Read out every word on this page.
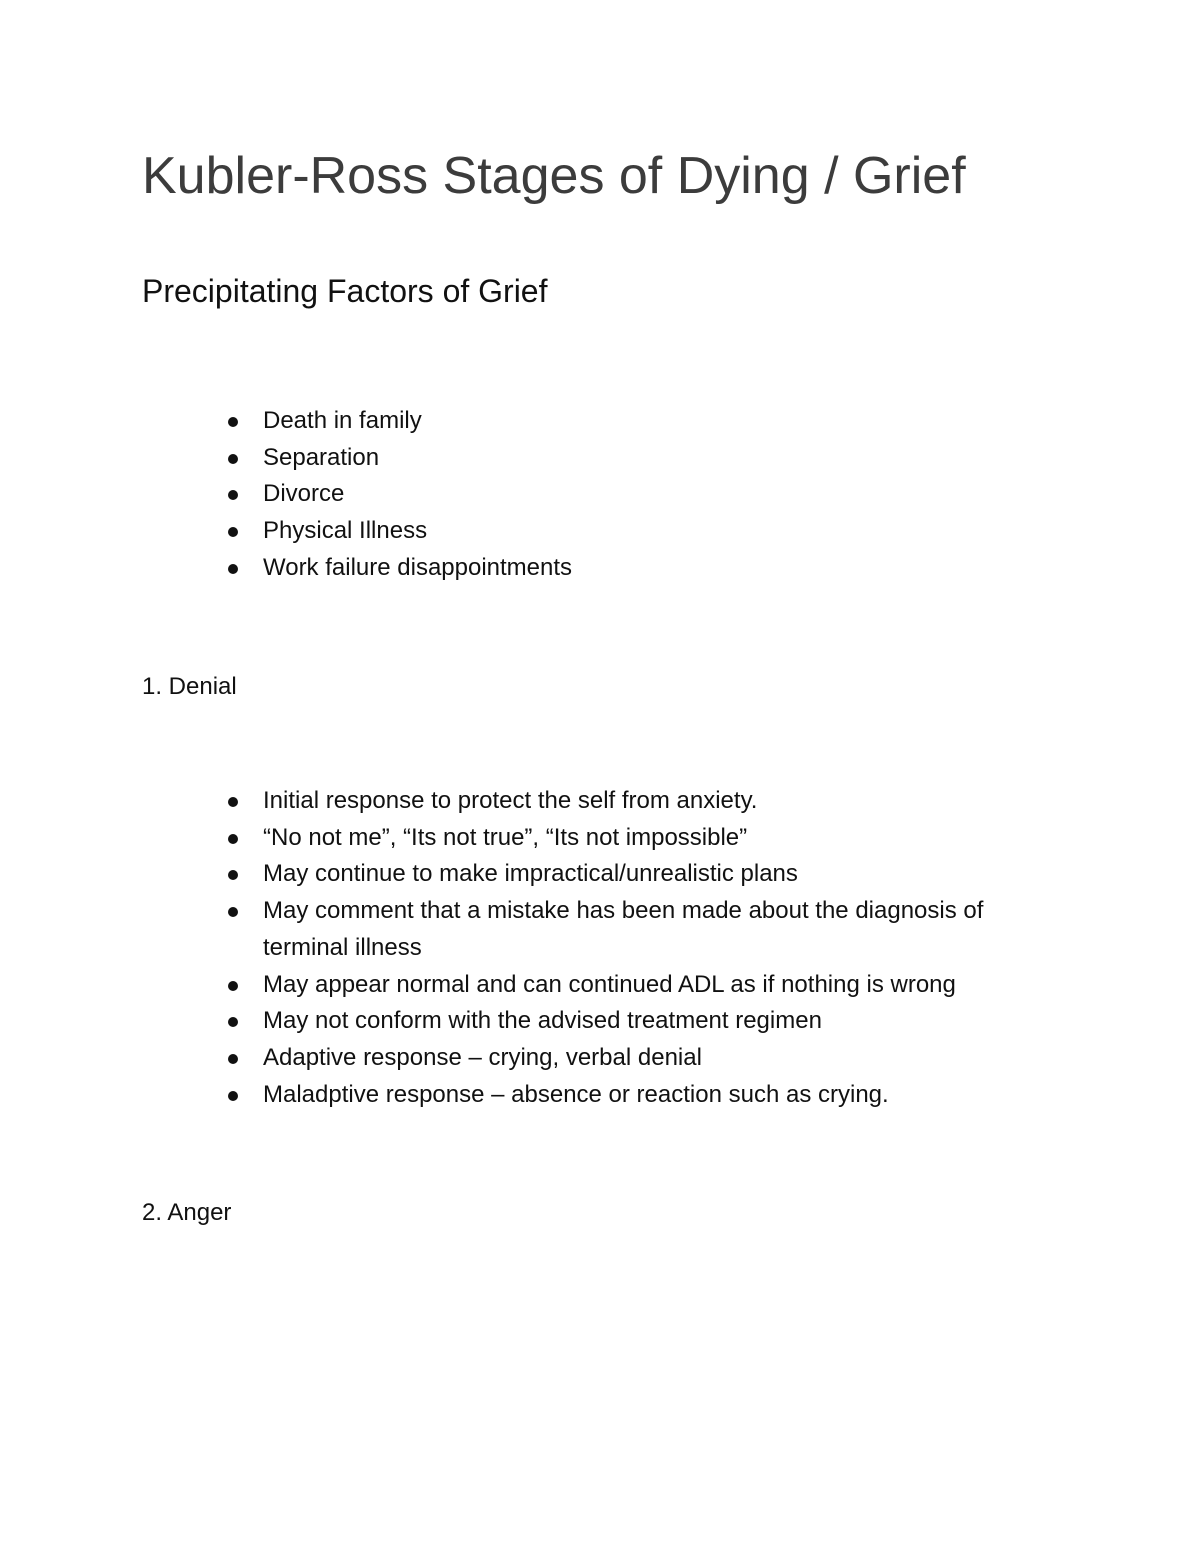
Kubler-Ross Stages of Dying / Grief
Precipitating Factors of Grief
Death in family
Separation
Divorce
Physical Illness
Work failure disappointments
1. Denial
Initial response to protect the self from anxiety.
“No not me”, “Its not true”, “Its not impossible”
May continue to make impractical/unrealistic plans
May comment that a mistake has been made about the diagnosis of terminal illness
May appear normal and can continued ADL as if nothing is wrong
May not conform with the advised treatment regimen
Adaptive response – crying, verbal denial
Maladptive response – absence or reaction such as crying.
2. Anger
